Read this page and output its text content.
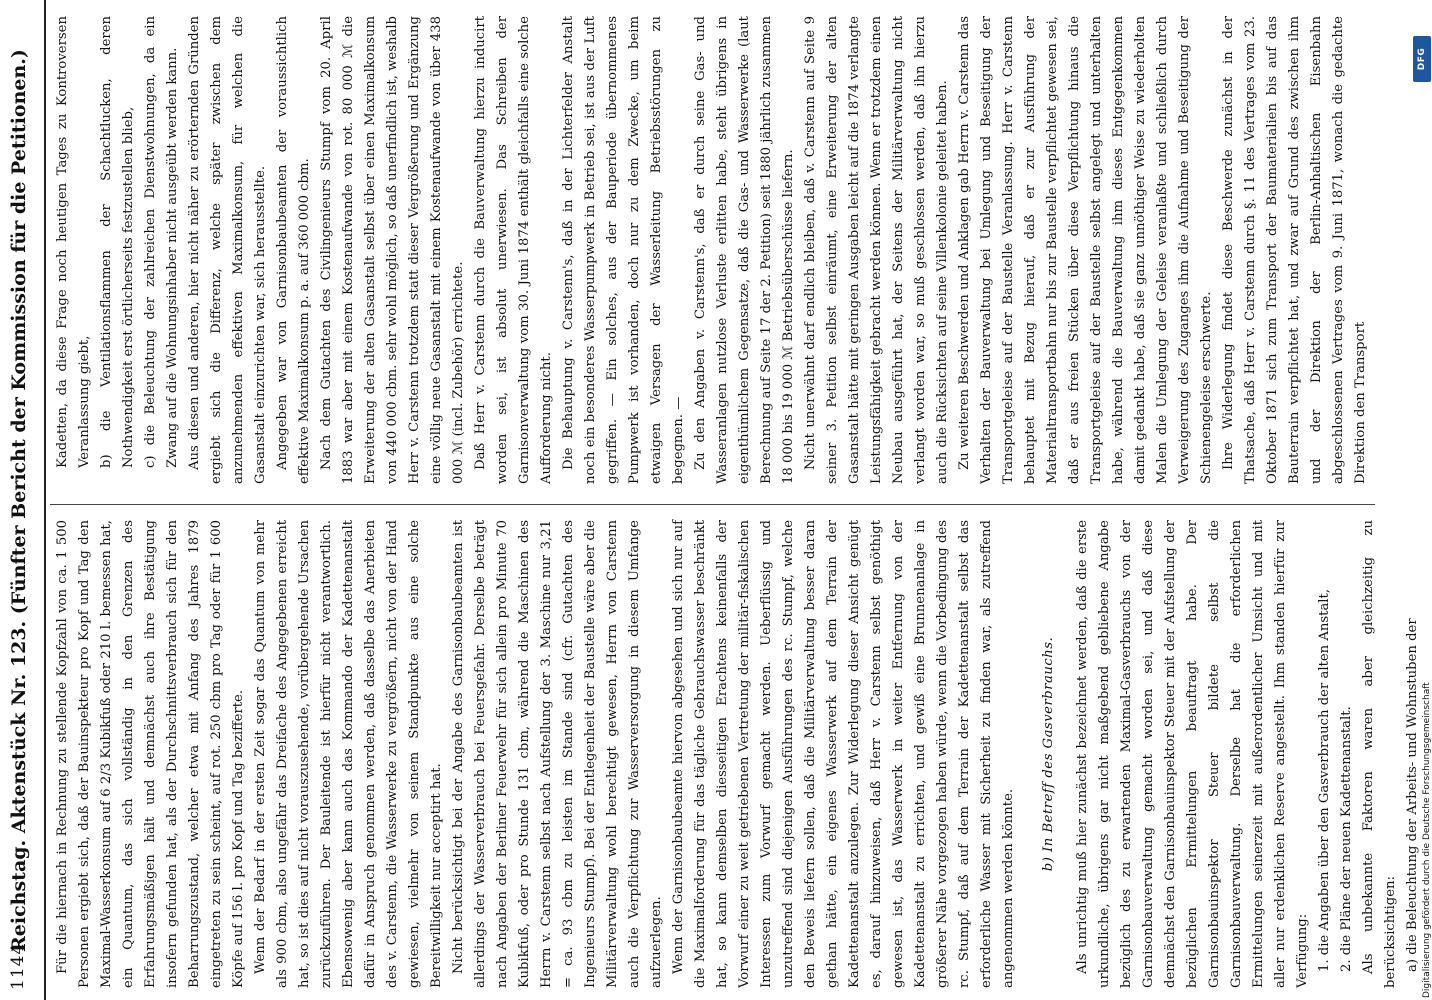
1144
Reichstag. Aktenstück Nr. 123. (Fünfter Bericht der Kommission für die Petitionen.) Für die hiernach in Rechnung zu stellende Kopfzahl von ca. 1 500 Personen ergiebt sich, daß der Bauinspekteur pro Kopf und Tag den Maximal-Wasserkonsum auf 6 2/3 Kubikfuß oder 210 l. bemessen hat, ein Quantum, das sich vollständig in den Grenzen des Erfahrungsmäßigen hält und demnächst auch ihre Bestätigung insofern gefunden hat, als der Durchschnittsverbrauch sich für den Beharrungszustand, welcher etwa mit Anfang des Jahres 1879 eingetreten zu sein scheint, auf rot. 250 cbm pro Tag oder für 1 600 Köpfe auf 156 l. pro Kopf und Tag bezifferte. Wenn der Bedarf in der ersten Zeit sogar das Quantum von mehr als 900 cbm, also ungefähr das Dreifache des Angegebenen erreicht hat, so ist dies auf nicht vorauszusehende, vorübergehende Ursachen zurückzuführen. Der Bauleitende ist hierfür nicht verantwortlich. Ebensowenig aber kann auch das Kommando der Kadettenanstalt dafür in Anspruch genommen werden, daß dasselbe das Anerbieten des v. Carstenn, die Wasserwerke zu vergrößern, nicht von der Hand gewiesen, vielmehr von seinem Standpunkte aus eine solche Bereitwilligkeit nur acceptirt hat. Nicht berücksichtigt bei der Angabe des Garnisonbaubeamten ist allerdings der Wasserverbrauch bei Feuersgefahr. Derselbe beträgt nach Angaben der Berliner Feuerwehr für sich allein pro Minute 70 Kubikfuß, oder pro Stunde 131 cbm, während die Maschinen des Herrn v. Carstenn selbst nach Aufstellung der 3. Maschine nur 3,21 = ca. 93 cbm zu leisten im Stande sind (cfr. Gutachten des Ingenieurs Stumpf). Bei der Entlegenheit der Baustelle wäre aber die Militärverwaltung wohl berechtigt gewesen, Herrn von Carstenn auch die Verpflichtung zur Wasserversorgung in diesem Umfange aufzuerlegen. Wenn der Garnisonbaubeamte hiervon abgesehen und sich nur auf die Maximalforderung für das tägliche Gebrauchswasser beschränkt hat, so kann demselben diesseitigen Erachtens keinenfalls der Vorwurf einer zu weit getriebenen Vertretung der militär-fiskalischen Interessen zum Vorwurf gemacht werden. Ueberflüssig und unzutreffend sind diejenigen Ausführungen des rc. Stumpf, welche den Beweis liefern sollen, daß die Militärverwaltung besser daran gethan hätte, ein eigenes Wasserwerk auf dem Terrain der Kadettenanstalt anzulegen. Zur Widerlegung dieser Ansicht genügt es, darauf hinzuweisen, daß Herr v. Carstenn selbst genöthigt gewesen ist, das Wasserwerk in weiter Entfernung von der Kadettenanstalt zu errichten, und gewiß eine Brunnenanlage in größerer Nähe vorgezogen haben würde, wenn die Vorbedingung des rc. Stumpf, daß auf dem Terrain der Kadettenanstalt selbst das erforderliche Wasser mit Sicherheit zu finden war, als zutreffend angenommen werden könnte.

b) In Betreff des Gasverbrauchs.	Als unrichtig muß hier zunächst bezeichnet werden, daß die erste urkundliche, übrigens gar nicht maßgebend gebliebene Angabe bezüglich des zu erwartenden Maximal-Gasverbrauchs von der Garnisonbauverwaltung gemacht worden sei, und daß diese demnächst den Garnisonbauinspektor Steuer mit der Aufstellung der bezüglichen Ermittelungen beauftragt habe. Der Garnisonbauinspektor Steuer bildete selbst die Garnisonbauverwaltung. Derselbe hat die erforderlichen Ermittelungen seinerzeit mit außerordentlicher Umsicht und mit aller nur erdenklichen Reserve angestellt. Ihm standen hierfür zur Verfügung: 1. die Angaben über den Gasverbrauch der alten Anstalt, 2. die Pläne der neuen Kadettenanstalt. Als unbekannte Faktoren waren aber gleichzeitig zu berücksichtigen: a) die Beleuchtung der Arbeits- und Wohnstuben der

Kadetten, da diese Frage noch heutigen Tages zu Kontroversen Veranlassung giebt, b) die Ventilationsflammen der Schachtlucken, deren Nothwendigkeit erst örtlicherseits festzustellen blieb, c) die Beleuchtung der zahlreichen Dienstwohnungen, da ein Zwang auf die Wohnungsinhaber nicht ausgeübt werden kann. Aus diesen und anderen, hier nicht näher zu erörternden Gründen ergiebt sich die Differenz, welche später zwischen dem anzunehmenden effektiven Maximalkonsum, für welchen die Gasanstalt einzurichten war, sich herausstellte. Angegeben war von Garnisonbaubeamten der voraussichtlich effektive Maximalkonsum p. a. auf 360 000 cbm. Nach dem Gutachten des Civilingenieurs Stumpf vom 20. April 1883 war aber mit einem Kostenaufwande von rot. 80 000 ℳ die Erweiterung der alten Gasanstalt selbst über einen Maximalkonsum von 440 000 cbm. sehr wohl möglich, so daß unerfindlich ist, weshalb Herr v. Carstenn trotzdem statt dieser Vergrößerung und Ergänzung eine völlig neue Gasanstalt mit einem Kostenaufwande von über 438 000 ℳ (incl. Zubehör) errichtete. Daß Herr v. Carstenn durch die Bauverwaltung hierzu inducirt worden sei, ist absolut unerwiesen. Das Schreiben der Garnisonverwaltung vom 30. Juni 1874 enthält gleichfalls eine solche Aufforderung nicht. Die Behauptung v. Carstenn's, daß in der Lichterfelder Anstalt noch ein besonderes Wasserpumpwerk in Betrieb sei, ist aus der Luft gegriffen. — Ein solches, aus der Bauperiode übernommenes Pumpwerk ist vorhanden, doch nur zu dem Zwecke, um beim etwaigen Versagen der Wasserleitung Betriebsstörungen zu begegnen. — Zu den Angaben v. Carstenn's, daß er durch seine Gas- und Wasseranlagen nutzlose Verluste erlitten habe, steht übrigens in eigenthümlichem Gegensatze, daß die Gas- und Wasserwerke (laut Berechnung auf Seite 17 der 2. Petition) seit 1880 jährlich zusammen 18 000 bis 19 000 ℳ Betriebsüberschüsse liefern. Nicht unerwähnt darf endlich bleiben, daß v. Carstenn auf Seite 9 seiner 3. Petition selbst einräumt, eine Erweiterung der alten Gasanstalt hätte mit geringen Ausgaben leicht auf die 1874 verlangte Leistungsfähigkeit gebracht werden können. Wenn er trotzdem einen Neubau ausgeführt hat, der Seitens der Militärverwaltung nicht verlangt worden war, so muß geschlossen werden, daß ihn hierzu auch die Rücksichten auf seine Villenkolonie geleitet haben. Zu weiteren Beschwerden und Anklagen gab Herrn v. Carstenn das Verhalten der Bauverwaltung bei Umlegung und Beseitigung der Transportgeleise auf der Baustelle Veranlassung. Herr v. Carstenn behauptet mit Bezug hierauf, daß er zur Ausführung der Materialtransportbahn nur bis zur Baustelle verpflichtet gewesen sei, daß er aus freien Stücken über diese Verpflichtung hinaus die Transportgeleise auf der Baustelle selbst angelegt und unterhalten habe, während die Bauverwaltung ihm dieses Entgegenkommen damit gedankt habe, daß sie ganz unnöthiger Weise zu wiederholten Malen die Umlegung der Geleise veranlaßte und schließlich durch Verweigerung des Zuganges ihm die Aufnahme und Beseitigung der Schienengeleise erschwerte. Ihre Widerlegung findet diese Beschwerde zunächst in der Thatsache, daß Herr v. Carstenn durch §. 11 des Vertrages vom 23. Oktober 1871 sich zum Transport der Baumaterialien bis auf das Bauterrain verpflichtet hat, und zwar auf Grund des zwischen ihm und der Direktion der Berlin-Anhaltischen Eisenbahn abgeschlossenen Vertrages vom 9. Juni 1871, wonach die gedachte Direktion den Transport

Digitalisierung gefördert durch die Deutsche Forschungsgemeinschaft
DFG
